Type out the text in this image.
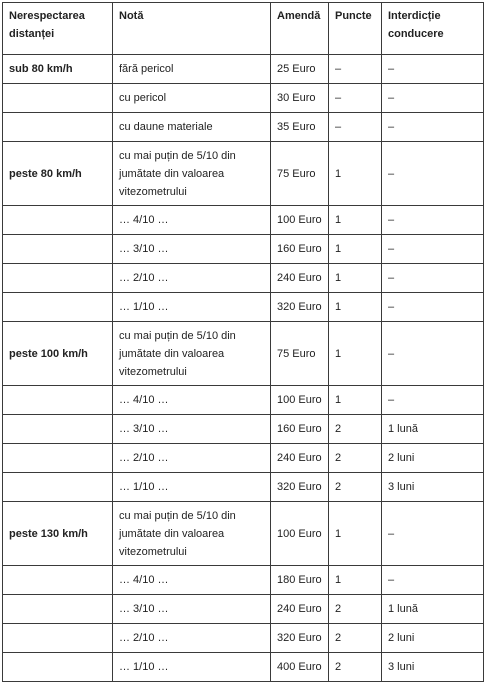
Nerespectarea distanței	Notă	Amendă	Puncte	Interdicție conducere
sub 80 km/h	fără pericol	25 Euro	–	–
	cu pericol	30 Euro	–	–
	cu daune materiale	35 Euro	–	–
peste 80 km/h	cu mai puțin de 5/10 din jumătate din valoarea vitezometrului	75 Euro	1	–
	… 4/10 …	100 Euro	1	–
	… 3/10 …	160 Euro	1	–
	… 2/10 …	240 Euro	1	–
	… 1/10 …	320 Euro	1	–
peste 100 km/h	cu mai puțin de 5/10 din jumătate din valoarea vitezometrului	75 Euro	1	–
	… 4/10 …	100 Euro	1	–
	… 3/10 …	160 Euro	2	1 lună
	… 2/10 …	240 Euro	2	2 luni
	… 1/10 …	320 Euro	2	3 luni
peste 130 km/h	cu mai puțin de 5/10 din jumătate din valoarea vitezometrului	100 Euro	1	–
	… 4/10 …	180 Euro	1	–
	… 3/10 …	240 Euro	2	1 lună
	… 2/10 …	320 Euro	2	2 luni
	… 1/10 …	400 Euro	2	3 luni
